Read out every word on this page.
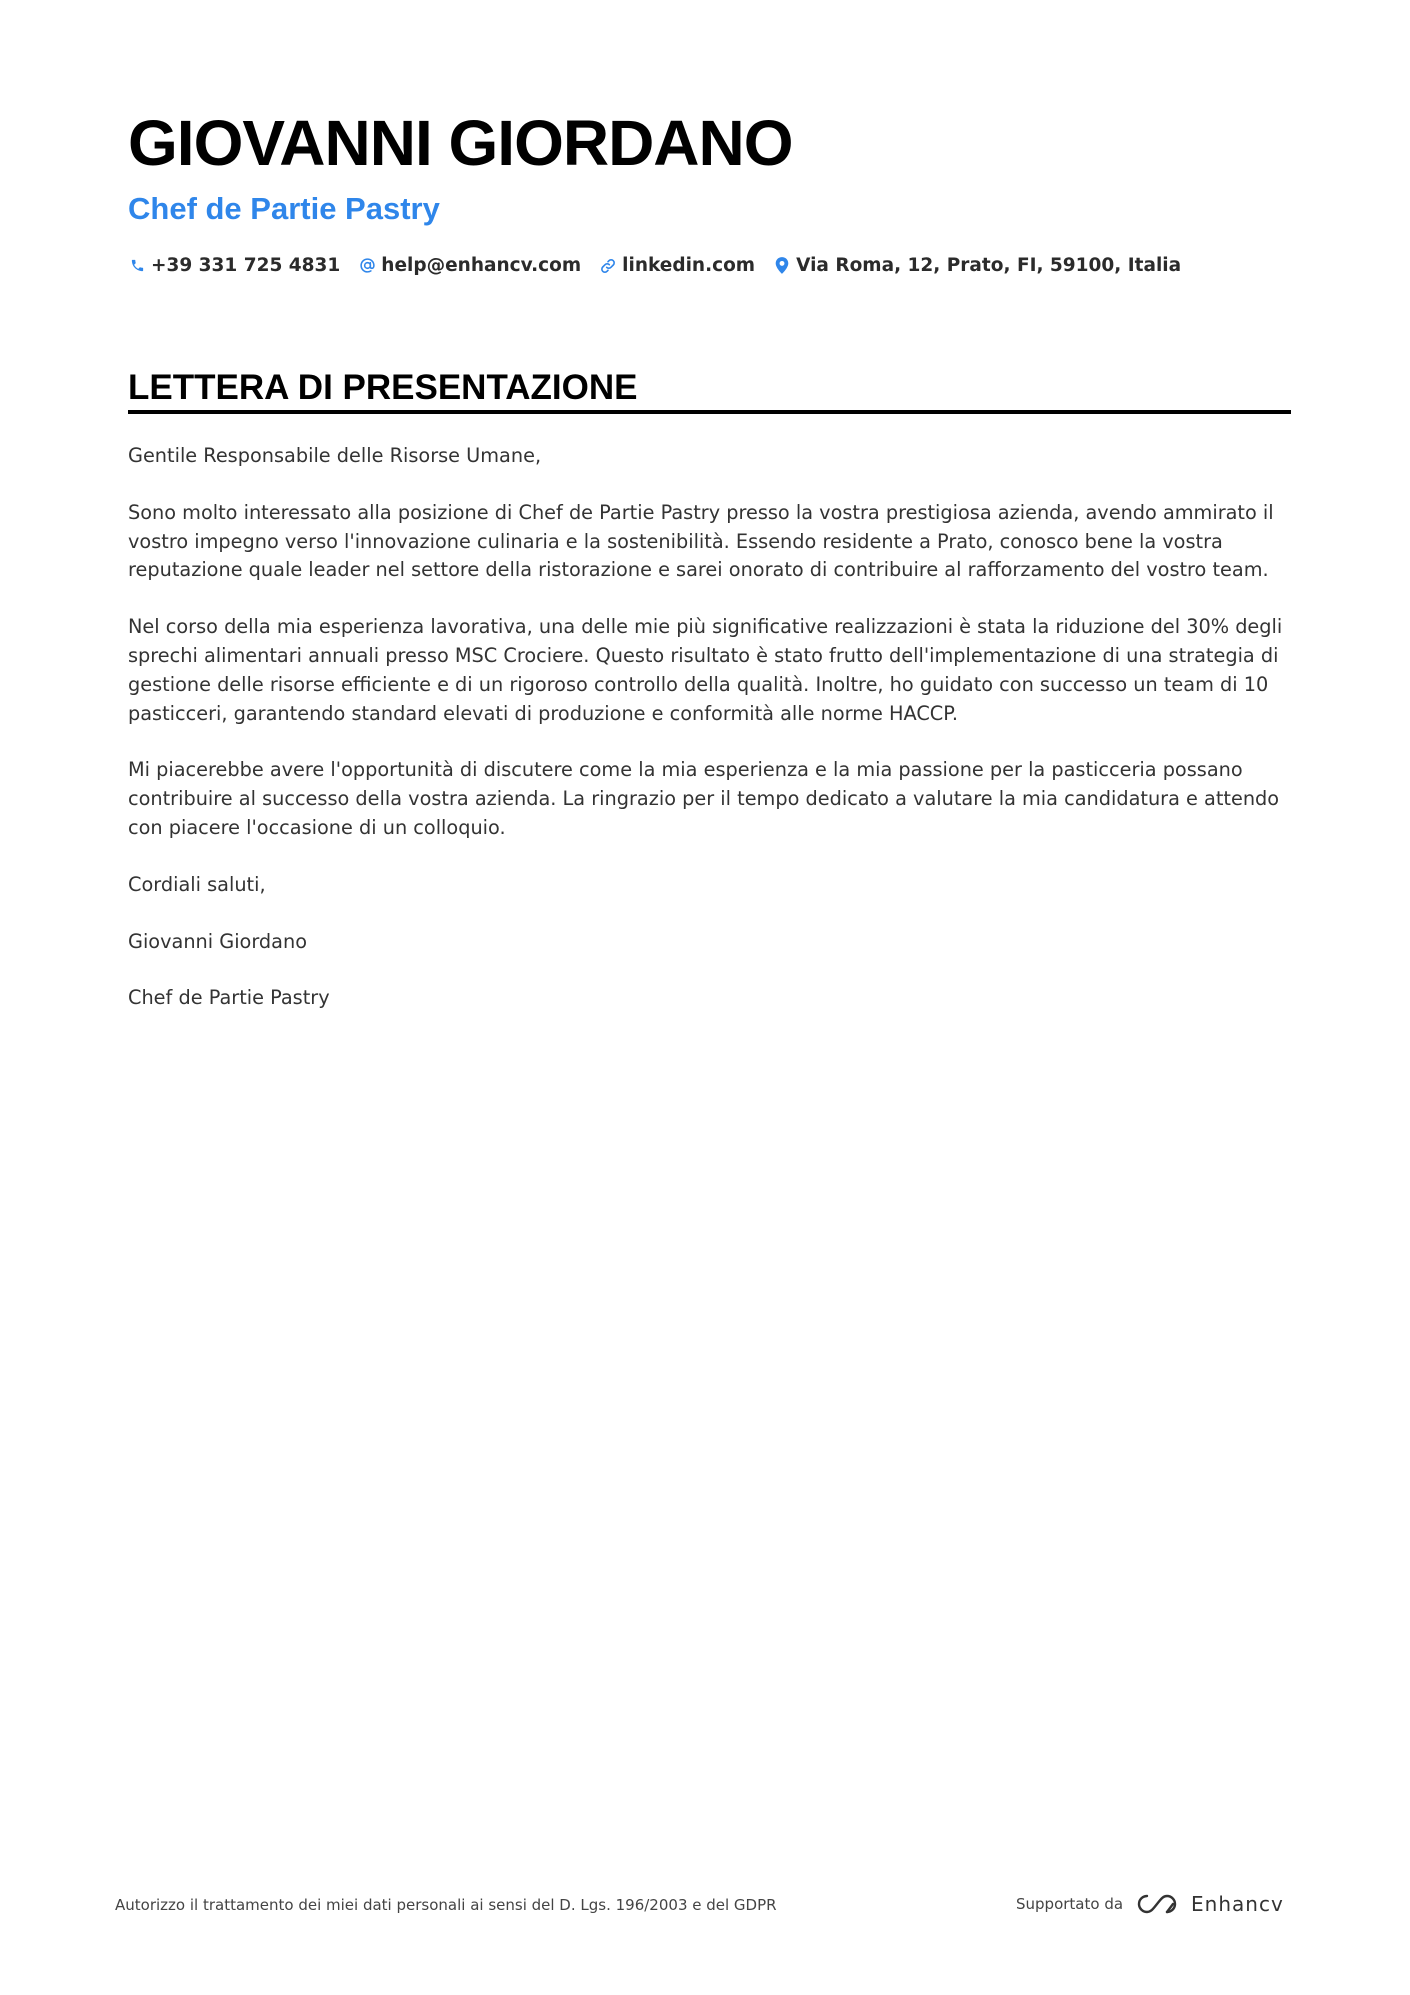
GIOVANNI GIORDANO
Chef de Partie Pastry
+39 331 725 4831 help@enhancv.com linkedin.com Via Roma, 12, Prato, FI, 59100, Italia
LETTERA DI PRESENTAZIONE

Gentile Responsabile delle Risorse Umane,

Sono molto interessato alla posizione di Chef de Partie Pastry presso la vostra prestigiosa azienda, avendo ammirato il vostro impegno verso l'innovazione culinaria e la sostenibilità. Essendo residente a Prato, conosco bene la vostra reputazione quale leader nel settore della ristorazione e sarei onorato di contribuire al rafforzamento del vostro team.

Nel corso della mia esperienza lavorativa, una delle mie più significative realizzazioni è stata la riduzione del 30% degli sprechi alimentari annuali presso MSC Crociere. Questo risultato è stato frutto dell'implementazione di una strategia di gestione delle risorse efficiente e di un rigoroso controllo della qualità. Inoltre, ho guidato con successo un team di 10 pasticceri, garantendo standard elevati di produzione e conformità alle norme HACCP.

Mi piacerebbe avere l'opportunità di discutere come la mia esperienza e la mia passione per la pasticceria possano contribuire al successo della vostra azienda. La ringrazio per il tempo dedicato a valutare la mia candidatura e attendo con piacere l'occasione di un colloquio.

Cordiali saluti,

Giovanni Giordano

Chef de Partie Pastry

Autorizzo il trattamento dei miei dati personali ai sensi del D. Lgs. 196/2003 e del GDPR	Supportato da	Enhancv
